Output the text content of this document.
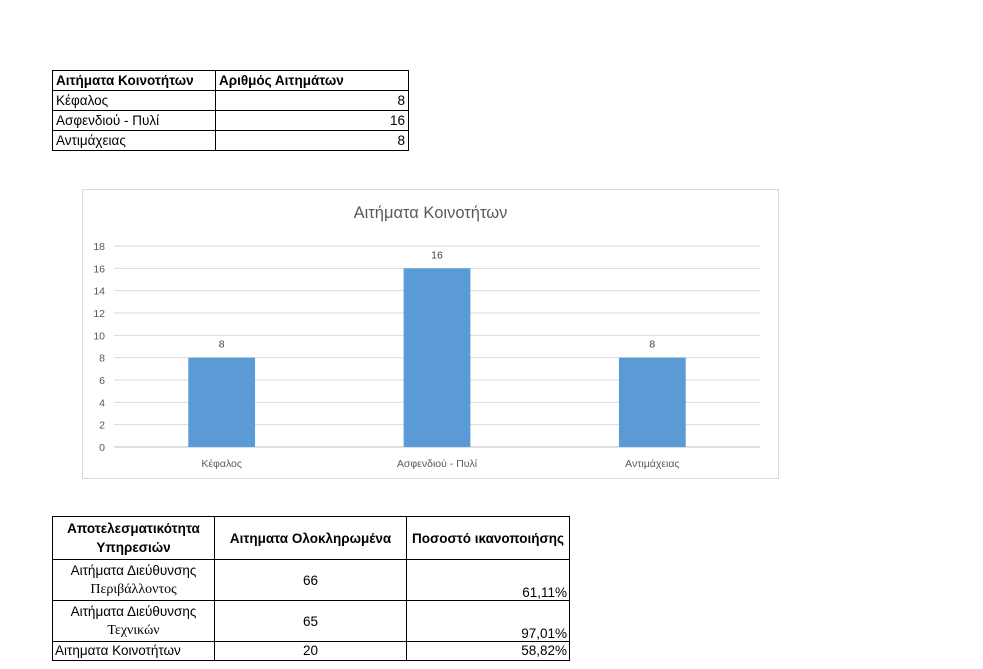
Αιτήματα Κοινοτήτων	Αριθμός Αιτημάτων
Κέφαλος	8
Ασφενδιού - Πυλί	16
Αντιμάχειας	8
Αιτήματα Κοινοτήτων
0
2
4
6
8
10
12
14
16
18
8
Κέφαλος
16
Ασφενδιού - Πυλί
8
Αντιμάχειας
Αποτελεσματικότητα Υπηρεσιών	Αιτηματα Ολοκληρωμένα	Ποσοστό ικανοποιήσης

Αιτήματα Διεύθυνσης
Περιβάλλοντος	66	61,11%

Αιτήματα Διεύθυνσης
Τεχνικών	65	97,01%
Αιτηματα Κοινοτήτων	20	58,82%
